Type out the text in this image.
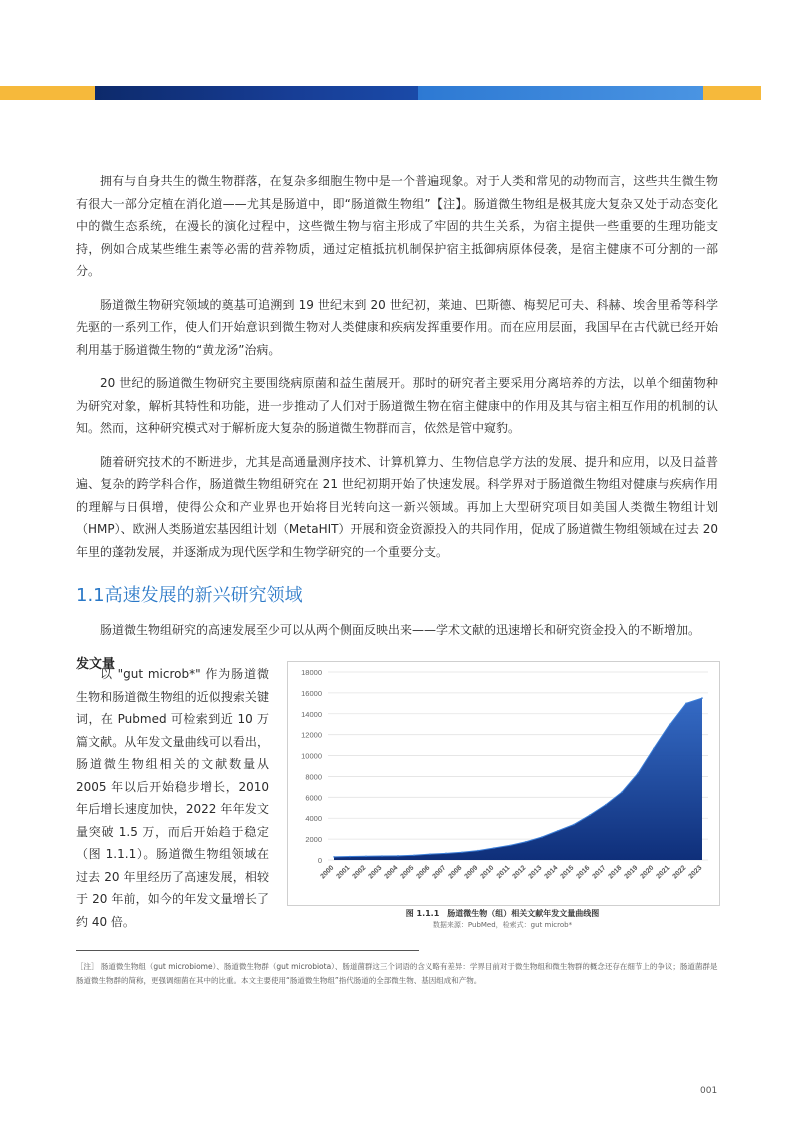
拥有与自身共生的微生物群落，在复杂多细胞生物中是一个普遍现象。对于人类和常见的动物而言，这些共生微生物有很大一部分定植在消化道——尤其是肠道中，即“肠道微生物组”【注】。肠道微生物组是极其庞大复杂又处于动态变化中的微生态系统，在漫长的演化过程中，这些微生物与宿主形成了牢固的共生关系，为宿主提供一些重要的生理功能支持，例如合成某些维生素等必需的营养物质，通过定植抵抗机制保护宿主抵御病原体侵袭，是宿主健康不可分割的一部分。

肠道微生物研究领域的奠基可追溯到 19 世纪末到 20 世纪初，莱迪、巴斯德、梅契尼可夫、科赫、埃舍里希等科学先驱的一系列工作，使人们开始意识到微生物对人类健康和疾病发挥重要作用。而在应用层面，我国早在古代就已经开始利用基于肠道微生物的“黄龙汤”治病。

20 世纪的肠道微生物研究主要围绕病原菌和益生菌展开。那时的研究者主要采用分离培养的方法，以单个细菌物种为研究对象，解析其特性和功能，进一步推动了人们对于肠道微生物在宿主健康中的作用及其与宿主相互作用的机制的认知。然而，这种研究模式对于解析庞大复杂的肠道微生物群而言，依然是管中窥豹。

随着研究技术的不断进步，尤其是高通量测序技术、计算机算力、生物信息学方法的发展、提升和应用，以及日益普遍、复杂的跨学科合作，肠道微生物组研究在 21 世纪初期开始了快速发展。科学界对于肠道微生物组对健康与疾病作用的理解与日俱增，使得公众和产业界也开始将目光转向这一新兴领域。再加上大型研究项目如美国人类微生物组计划（HMP）、欧洲人类肠道宏基因组计划（MetaHIT）开展和资金资源投入的共同作用，促成了肠道微生物组领域在过去 20 年里的蓬勃发展，并逐渐成为现代医学和生物学研究的一个重要分支。

1.1高速发展的新兴研究领域

肠道微生物组研究的高速发展至少可以从两个侧面反映出来——学术文献的迅速增长和研究资金投入的不断增加。

发文量

以 "gut microb*" 作为肠道微生物和肠道微生物组的近似搜索关键词，在 Pubmed 可检索到近 10 万篇文献。从年发文量曲线可以看出，肠道微生物组相关的文献数量从 2005 年以后开始稳步增长，2010 年后增长速度加快，2022 年年发文量突破 1.5 万，而后开始趋于稳定（图 1.1.1）。肠道微生物组领域在过去 20 年里经历了高速发展，相较于 20 年前，如今的年发文量增长了约 40 倍。

0
2000
4000
6000
8000
10000
12000
14000
16000
18000
2000 2001 2002 2003 2004 2005 2006 2007 2008 2009 2010 2011 2012 2013 2014 2015 2016 2017 2018 2019 2020 2021 2022 2023
图 1.1.1　肠道微生物（组）相关文献年发文量曲线图
数据来源：PubMed，检索式：gut microb*
［注］ 肠道微生物组（gut microbiome）、肠道微生物群（gut microbiota）、肠道菌群这三个词语的含义略有差异：学界目前对于微生物组和微生物群的概念还存在细节上的争议；肠道菌群是肠道微生物群的简称，更强调细菌在其中的比重。本文主要使用“肠道微生物组”指代肠道的全部微生物、基因组成和产物。
001
